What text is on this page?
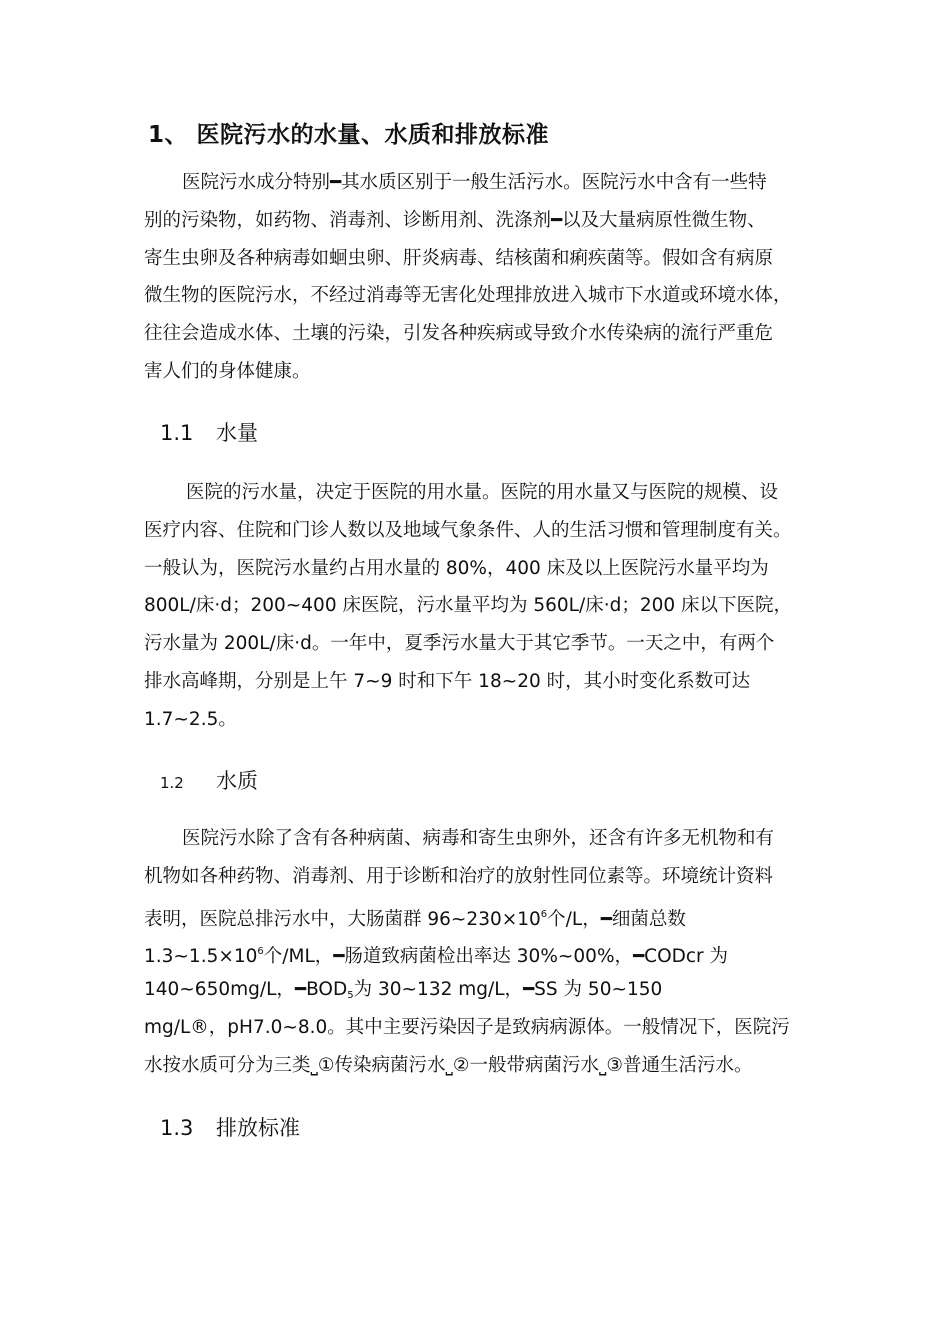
1、 医院污水的水量、水质和排放标准
医院污水成分特别━其水质区别于一般生活污水。医院污水中含有一些特
别的污染物，如药物、消毒剂、诊断用剂、洗涤剂━以及大量病原性微生物、
寄生虫卵及各种病毒如蛔虫卵、肝炎病毒、结核菌和痢疾菌等。假如含有病原
微生物的医院污水，不经过消毒等无害化处理排放进入城市下水道或环境水体，
往往会造成水体、土壤的污染，引发各种疾病或导致介水传染病的流行严重危
害人们的身体健康。
1.1 水量
医院的污水量，决定于医院的用水量。医院的用水量又与医院的规模、设
医疗内容、住院和门诊人数以及地域气象条件、人的生活习惯和管理制度有关。
一般认为，医院污水量约占用水量的 80%，400 床及以上医院污水量平均为
800L/床·d；200~400 床医院，污水量平均为 560L/床·d；200 床以下医院，
污水量为 200L/床·d。一年中，夏季污水量大于其它季节。一天之中，有两个
排水高峰期，分别是上午 7~9 时和下午 18~20 时，其小时变化系数可达
1.7~2.5。
1.2 水质
医院污水除了含有各种病菌、病毒和寄生虫卵外，还含有许多无机物和有
机物如各种药物、消毒剂、用于诊断和治疗的放射性同位素等。环境统计资料
表明，医院总排污水中，大肠菌群 $96\sim 230\times 10^6$个/L，━细菌总数
$1.3\sim 1.5\times 10^6$个/ML，━肠道致病菌检出率达 30%~00%，━CODcr 为
140~650mg/L，$━BOD_5$为 30~132 mg/L，━SS 为 50~150
mg/L®，pH7.0~8.0。其中主要污染因子是致病病源体。一般情况下，医院污
水按水质可分为三类⎵①传染病菌污水⎵②一般带病菌污水⎵③普通生活污水。
1.3 排放标准
